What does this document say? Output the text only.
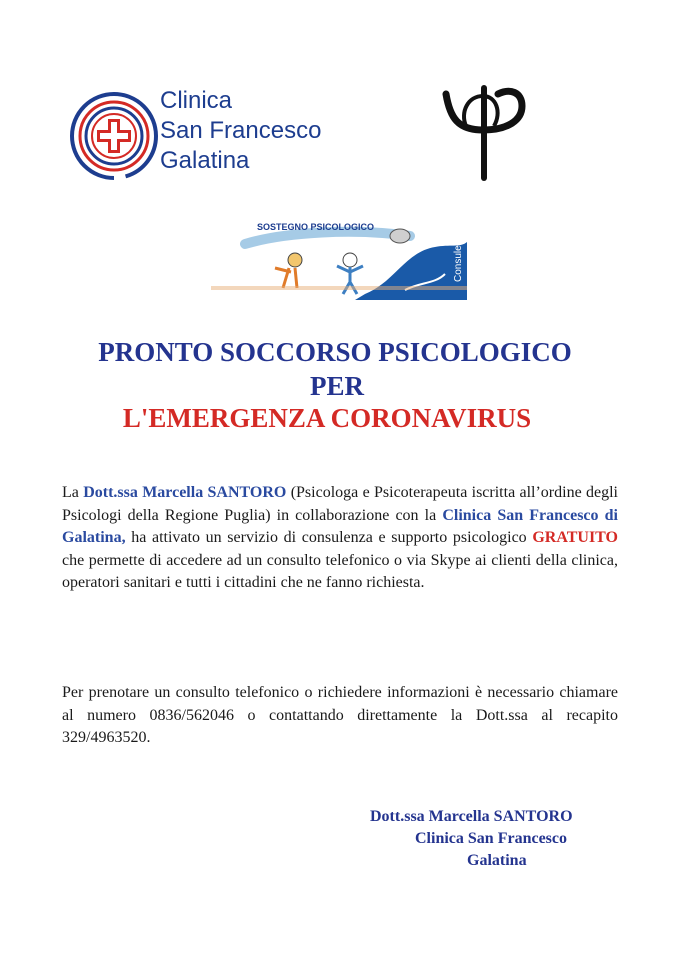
Clinica
San Francesco
Galatina
SOSTEGNO PSICOLOGICO
Consulenze
PRONTO SOCCORSO PSICOLOGICO
PER
L'EMERGENZA CORONAVIRUS
La Dott.ssa Marcella SANTORO (Psicologa e Psicoterapeuta iscritta all’ordine degli Psicologi della Regione Puglia) in collaborazione con la Clinica San Francesco di Galatina, ha attivato un servizio di consulenza e supporto psicologico GRATUITO che permette di accedere ad un consulto telefonico o via Skype ai clienti della clinica, operatori sanitari e tutti i cittadini che ne fanno richiesta.
Per prenotare un consulto telefonico o richiedere informazioni è necessario chiamare al numero 0836/562046 o contattando direttamente la Dott.ssa al recapito 329/4963520.
Dott.ssa Marcella SANTORO
Clinica San Francesco
Galatina
